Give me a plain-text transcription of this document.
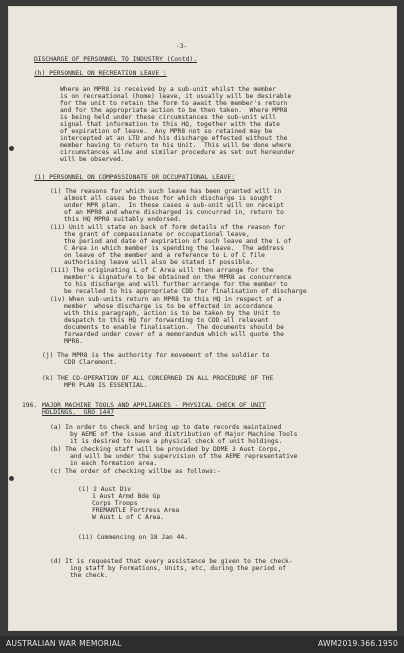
-3-
DISCHARGE OF PERSONNEL TO INDUSTRY (Contd).
(h) PERSONNEL ON RECREATION LEAVE :
Where an MPR8 is received by a sub-unit whilst the member
is on recreational (home) leave, it usually will be desirable
for the unit to retain the form to await the member's return
and for the appropriate action to be then taken.  Where MPR8
is being held under these circumstances the sub-unit will
signal that information to this HQ, together with the date
of expiration of leave.  Any MPR8 not so retained may be
intercepted at an LTD and his discharge effected without the
member having to return to his Unit.  This will be done where
circumstances allow and similar procedure as set out hereunder
will be observed.
(i) PERSONNEL ON COMPASSIONATE OR OCCUPATIONAL LEAVE:
(i) The reasons for which such leave has been granted will in
almost all cases be those for which discharge is sought
under MPR plan.  In these cases a sub-unit will on receipt
of an MPR8 and where discharged is concurred in, return to
this HQ MPR8 suitably endorsed.
(ii) Unit will state on back of form details of the reason for
the grant of compassionate or occupational leave,
the period and date of expiration of such leave and the L of
C Area in which member is spending the leave.  The address
on leave of the member and a reference to L of C file
authorising leave will also be stated if possible.
(iii) The originating L of C Area will then arrange for the
member's signature to be obtained on the MPR8 as concurrence
to his discharge and will further arrange for the member to
be recalled to his appropriate CDD for finalisation of discharge
(iv) When sub-units return an MPR8 to this HQ in respect of a
member  whose discharge is to be effected in accordance
with this paragraph, action is to be taken by the Unit to
despatch to this HQ for forwarding to CDD all relevant
documents to enable finalisation.  The documents should be
forwarded under cover of a memorandum which will quote the
MPR8.
(j) The MPR8 is the authority for movement of the soldier to
CDD Claremont.
(k) THE CO-OPERATION OF ALL CONCERNED IN ALL PROCEDURE OF THE
MPR PLAN IS ESSENTIAL.
196. MAJOR MACHINE TOOLS AND APPLIANCES - PHYSICAL CHECK OF UNIT
HOLDINGS.  GRO 1447
(a) In order to check and bring up to date records maintained
by AEME of the issue and distribution of Major Machine Tools
it is desired to have a physical check of unit holdings.
(b) The checking staff will be provided by DDME 3 Aust Corps,
and will be under the supervision of the AEME representative
in each formation area.
(c) The order of checking willbe as follows:-
(i) 2 Aust Div
1 Aust Armd Bde Gp
Corps Troops
FREMANTLE Fortress Area
W Aust L of C Area.
(ii) Commencing on 18 Jan 44.
(d) It is requested that every assistance be given to the check-
ing staff by Formations, Units, etc, during the period of
the check.
AUSTRALIAN WAR MEMORIAL	AWM2019.366.1950
